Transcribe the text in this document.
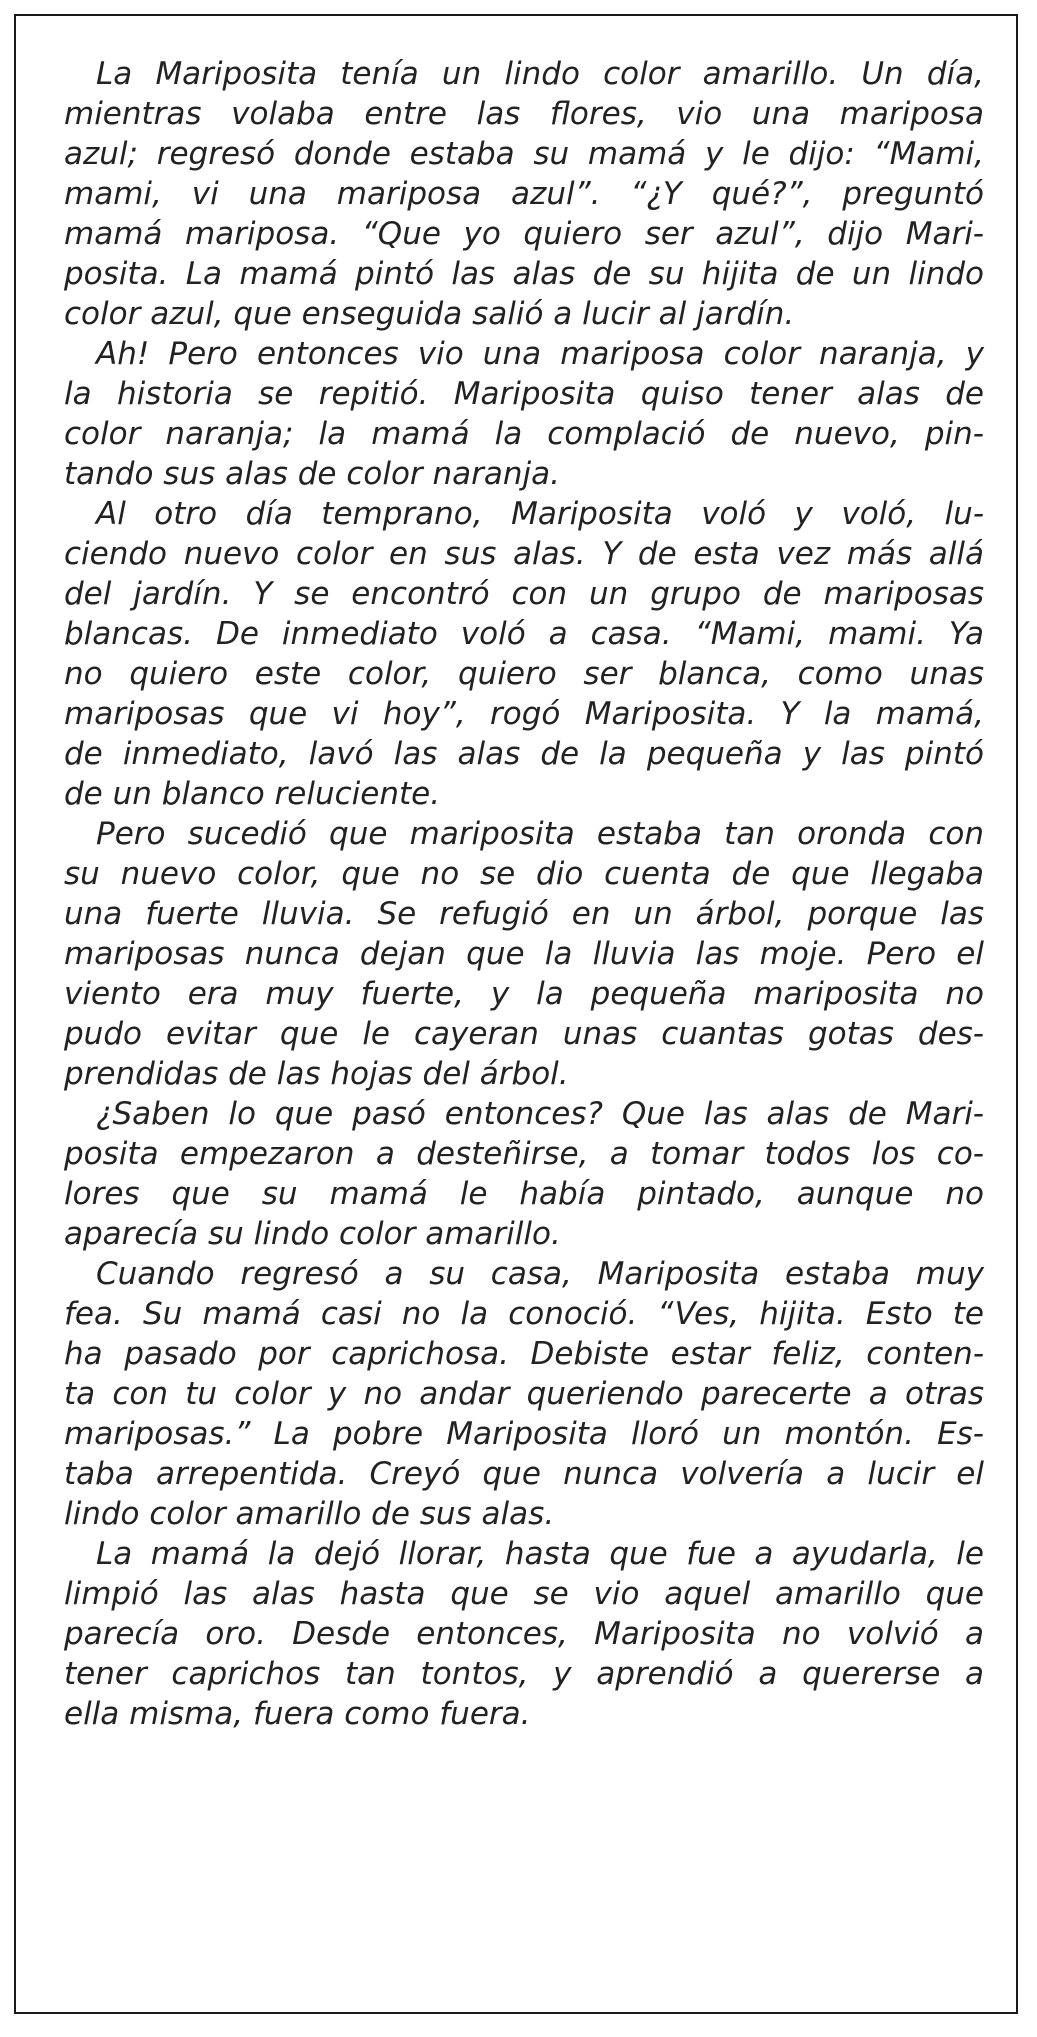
La Mariposita tenía un lindo color amarillo. Un día,
mientras volaba entre las flores, vio una mariposa
azul; regresó donde estaba su mamá y le dijo: “Mami,
mami, vi una mariposa azul”. “¿Y qué?”, preguntó
mamá mariposa. “Que yo quiero ser azul”, dijo Mari-
posita. La mamá pintó las alas de su hijita de un lindo
color azul, que enseguida salió a lucir al jardín.
Ah! Pero entonces vio una mariposa color naranja, y
la historia se repitió. Mariposita quiso tener alas de
color naranja; la mamá la complació de nuevo, pin-
tando sus alas de color naranja.
Al otro día temprano, Mariposita voló y voló, lu-
ciendo nuevo color en sus alas. Y de esta vez más allá
del jardín. Y se encontró con un grupo de mariposas
blancas. De inmediato voló a casa. “Mami, mami. Ya
no quiero este color, quiero ser blanca, como unas
mariposas que vi hoy”, rogó Mariposita. Y la mamá,
de inmediato, lavó las alas de la pequeña y las pintó
de un blanco reluciente.
Pero sucedió que mariposita estaba tan oronda con
su nuevo color, que no se dio cuenta de que llegaba
una fuerte lluvia. Se refugió en un árbol, porque las
mariposas nunca dejan que la lluvia las moje. Pero el
viento era muy fuerte, y la pequeña mariposita no
pudo evitar que le cayeran unas cuantas gotas des-
prendidas de las hojas del árbol.
¿Saben lo que pasó entonces? Que las alas de Mari-
posita empezaron a desteñirse, a tomar todos los co-
lores que su mamá le había pintado, aunque no
aparecía su lindo color amarillo.
Cuando regresó a su casa, Mariposita estaba muy
fea. Su mamá casi no la conoció. “Ves, hijita. Esto te
ha pasado por caprichosa. Debiste estar feliz, conten-
ta con tu color y no andar queriendo parecerte a otras
mariposas.” La pobre Mariposita lloró un montón. Es-
taba arrepentida. Creyó que nunca volvería a lucir el
lindo color amarillo de sus alas.
La mamá la dejó llorar, hasta que fue a ayudarla, le
limpió las alas hasta que se vio aquel amarillo que
parecía oro. Desde entonces, Mariposita no volvió a
tener caprichos tan tontos, y aprendió a quererse a
ella misma, fuera como fuera.
